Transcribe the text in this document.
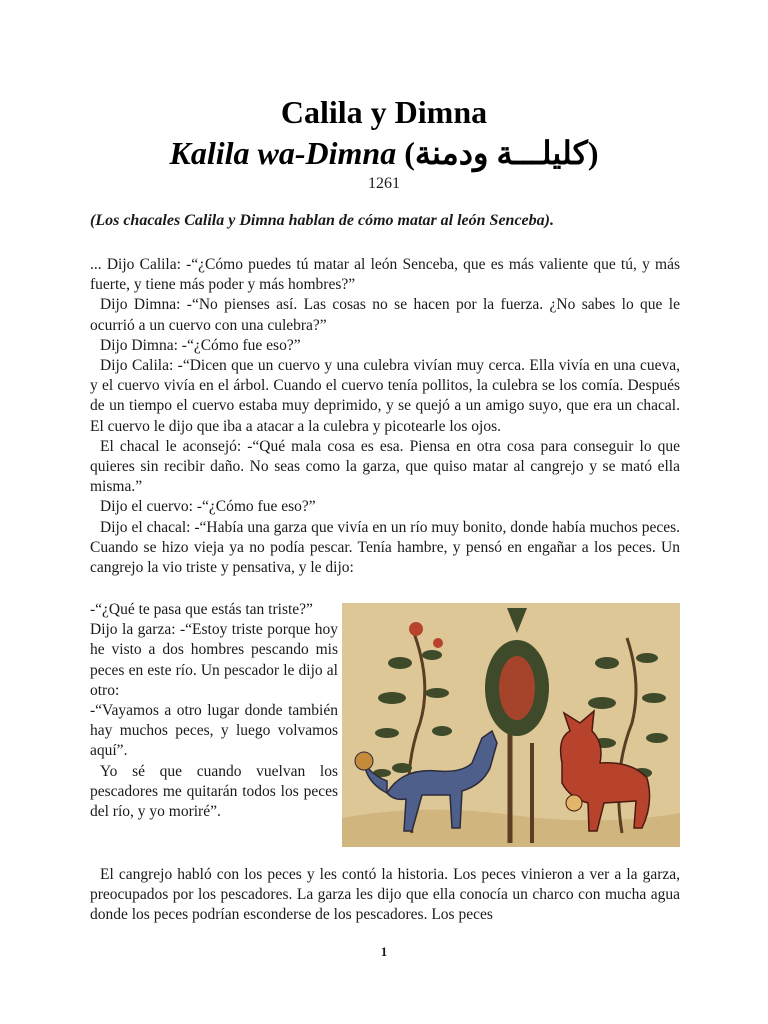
Calila y Dimna
Kalila wa-Dimna (كليلـــة ودمنة)
1261
(Los chacales Calila y Dimna hablan de cómo matar al león Senceba).

... Dijo Calila: -“¿Cómo puedes tú matar al león Senceba, que es más valiente que tú, y más fuerte, y tiene más poder y más hombres?”

Dijo Dimna: -“No pienses así. Las cosas no se hacen por la fuerza. ¿No sabes lo que le ocurrió a un cuervo con una culebra?”

Dijo Dimna: -“¿Cómo fue eso?”

Dijo Calila: -“Dicen que un cuervo y una culebra vivían muy cerca. Ella vivía en una cueva, y el cuervo vivía en el árbol. Cuando el cuervo tenía pollitos, la culebra se los comía. Después de un tiempo el cuervo estaba muy deprimido, y se quejó a un amigo suyo, que era un chacal. El cuervo le dijo que iba a atacar a la culebra y picotearle los ojos.

El chacal le aconsejó: -“Qué mala cosa es esa. Piensa en otra cosa para conseguir lo que quieres sin recibir daño. No seas como la garza, que quiso matar al cangrejo y se mató ella misma.”

Dijo el cuervo: -“¿Cómo fue eso?”

Dijo el chacal: -“Había una garza que vivía en un río muy bonito, donde había muchos peces. Cuando se hizo vieja ya no podía pescar. Tenía hambre, y pensó en engañar a los peces. Un cangrejo la vio triste y pensativa, y le dijo:

-“¿Qué te pasa que estás tan triste?”

Dijo la garza: -“Estoy triste porque hoy he visto a dos hombres pescando mis peces en este río. Un pescador le dijo al otro:

-“Vayamos a otro lugar donde también hay muchos peces, y luego volvamos aquí”.

Yo sé que cuando vuelvan los pescadores me quitarán todos los peces del río, y yo moriré”.

El cangrejo habló con los peces y les contó la historia. Los peces vinieron a ver a la garza, preocupados por los pescadores. La garza les dijo que ella conocía un charco con mucha agua donde los peces podrían esconderse de los pescadores. Los peces

1
